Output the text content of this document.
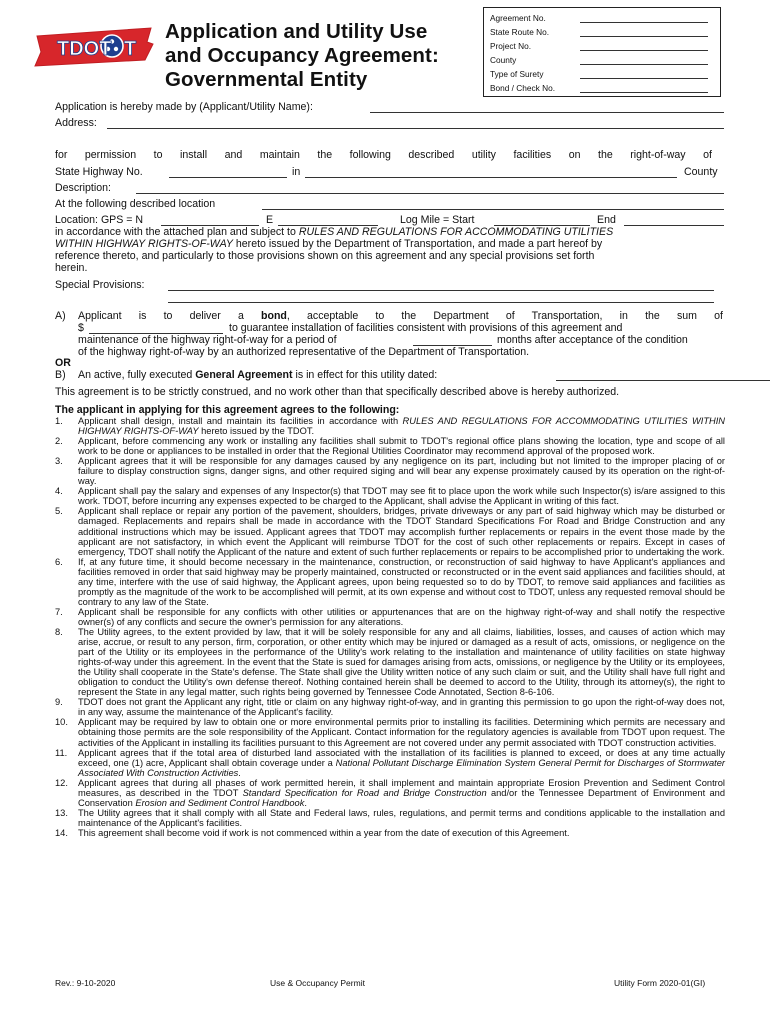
TDOT T
Application and Utility Use
and Occupancy Agreement:
Governmental Entity
Agreement No.
State Route No.
Project No.
County
Type of Surety
Bond / Check No.
Application is hereby made by (Applicant/Utility Name):
Address:
for permission to install and maintain the following described utility facilities on the right-of-way of
State Highway No.	in	County
Description:
At the following described location
Location: GPS = N	E	Log Mile = Start	End
in accordance with the attached plan and subject to RULES AND REGULATIONS FOR ACCOMMODATING UTILITIES
WITHIN HIGHWAY RIGHTS-OF-WAY hereto issued by the Department of Transportation, and made a part hereof by
reference thereto, and particularly to those provisions shown on this agreement and any special provisions set forth
herein.
Special Provisions:
A) Applicant is to deliver a bond, acceptable to the Department of Transportation, in the sum of
$	to guarantee installation of facilities consistent with provisions of this agreement and
maintenance of the highway right-of-way for a period of	months after acceptance of the condition
of the highway right-of-way by an authorized representative of the Department of Transportation.
OR
B) An active, fully executed General Agreement is in effect for this utility dated:
This agreement is to be strictly construed, and no work other than that specifically described above is hereby authorized.
The applicant in applying for this agreement agrees to the following:
1. Applicant shall design, install and maintain its facilities in accordance with RULES AND REGULATIONS FOR ACCOMMODATING UTILITIES WITHIN HIGHWAY RIGHTS-OF-WAY hereto issued by the TDOT.
2. Applicant, before commencing any work or installing any facilities shall submit to TDOT's regional office plans showing the location, type and scope of all work to be done or appliances to be installed in order that the Regional Utilities Coordinator may recommend approval of the proposed work.
3. Applicant agrees that it will be responsible for any damages caused by any negligence on its part, including but not limited to the improper placing of or failure to display construction signs, danger signs, and other required siging and will bear any expense proximately caused by its operation on the right-of-way.
4. Applicant shall pay the salary and expenses of any Inspector(s) that TDOT may see fit to place upon the work while such Inspector(s) is/are assigned to this work. TDOT, before incurring any expenses expected to be charged to the Applicant, shall advise the Applicant in writing of this fact.
5. Applicant shall replace or repair any portion of the pavement, shoulders, bridges, private driveways or any part of said highway which may be disturbed or damaged. Replacements and repairs shall be made in accordance with the TDOT Standard Specifications For Road and Bridge Construction and any additional instructions which may be issued. Applicant agrees that TDOT may accomplish further replacements or repairs in the event those made by the applicant are not satisfactory, in which event the Applicant will reimburse TDOT for the cost of such other replacements or repairs. Except in cases of emergency, TDOT shall notify the Applicant of the nature and extent of such further replacements or repairs to be accomplished prior to undertaking the work.
6. If, at any future time, it should become necessary in the maintenance, construction, or reconstruction of said highway to have Applicant's appliances and facilities removed in order that said highway may be properly maintained, constructed or reconstructed or in the event said appliances and facilities should, at any time, interfere with the use of said highway, the Applicant agrees, upon being requested so to do by TDOT, to remove said appliances and facilities as promptly as the magnitude of the work to be accomplished will permit, at its own expense and without cost to TDOT, unless any requested removal should be contrary to any law of the State.
7. Applicant shall be responsible for any conflicts with other utilities or appurtenances that are on the highway right-of-way and shall notify the respective owner(s) of any conflicts and secure the owner's permission for any alterations.
8. The Utility agrees, to the extent provided by law, that it will be solely responsible for any and all claims, liabilities, losses, and causes of action which may arise, accrue, or result to any person, firm, corporation, or other entity which may be injured or damaged as a result of acts, omissions, or negligence on the part of the Utility or its employees in the performance of the Utility's work relating to the installation and maintenance of utility facilities on state highway rights-of-way under this agreement. In the event that the State is sued for damages arising from acts, omissions, or negligence by the Utility or its employees, the Utility shall cooperate in the State's defense. The State shall give the Utility written notice of any such claim or suit, and the Utility shall have full right and obligation to conduct the Utility's own defense thereof. Nothing contained herein shall be deemed to accord to the Utility, through its attorney(s), the right to represent the State in any legal matter, such rights being governed by Tennessee Code Annotated, Section 8-6-106.
9. TDOT does not grant the Applicant any right, title or claim on any highway right-of-way, and in granting this permission to go upon the right-of-way does not, in any way, assume the maintenance of the Applicant's facility.
10. Applicant may be required by law to obtain one or more environmental permits prior to installing its facilities. Determining which permits are necessary and obtaining those permits are the sole responsibility of the Applicant. Contact information for the regulatory agencies is available from TDOT upon request. The activities of the Applicant in installing its facilities pursuant to this Agreement are not covered under any permit associated with TDOT construction activities.
11. Applicant agrees that if the total area of disturbed land associated with the installation of its facilities is planned to exceed, or does at any time actually exceed, one (1) acre, Applicant shall obtain coverage under a National Pollutant Discharge Elimination System General Permit for Discharges of Stormwater Associated With Construction Activities.
12. Applicant agrees that during all phases of work permitted herein, it shall implement and maintain appropriate Erosion Prevention and Sediment Control measures, as described in the TDOT Standard Specification for Road and Bridge Construction and/or the Tennessee Department of Environment and Conservation Erosion and Sediment Control Handbook.
13. The Utility agrees that it shall comply with all State and Federal laws, rules, regulations, and permit terms and conditions applicable to the installation and maintenance of the Applicant's facilities.
14. This agreement shall become void if work is not commenced within a year from the date of execution of this Agreement.
Rev.: 9-10-2020	Use & Occupancy Permit	Utility Form 2020-01(GI)
